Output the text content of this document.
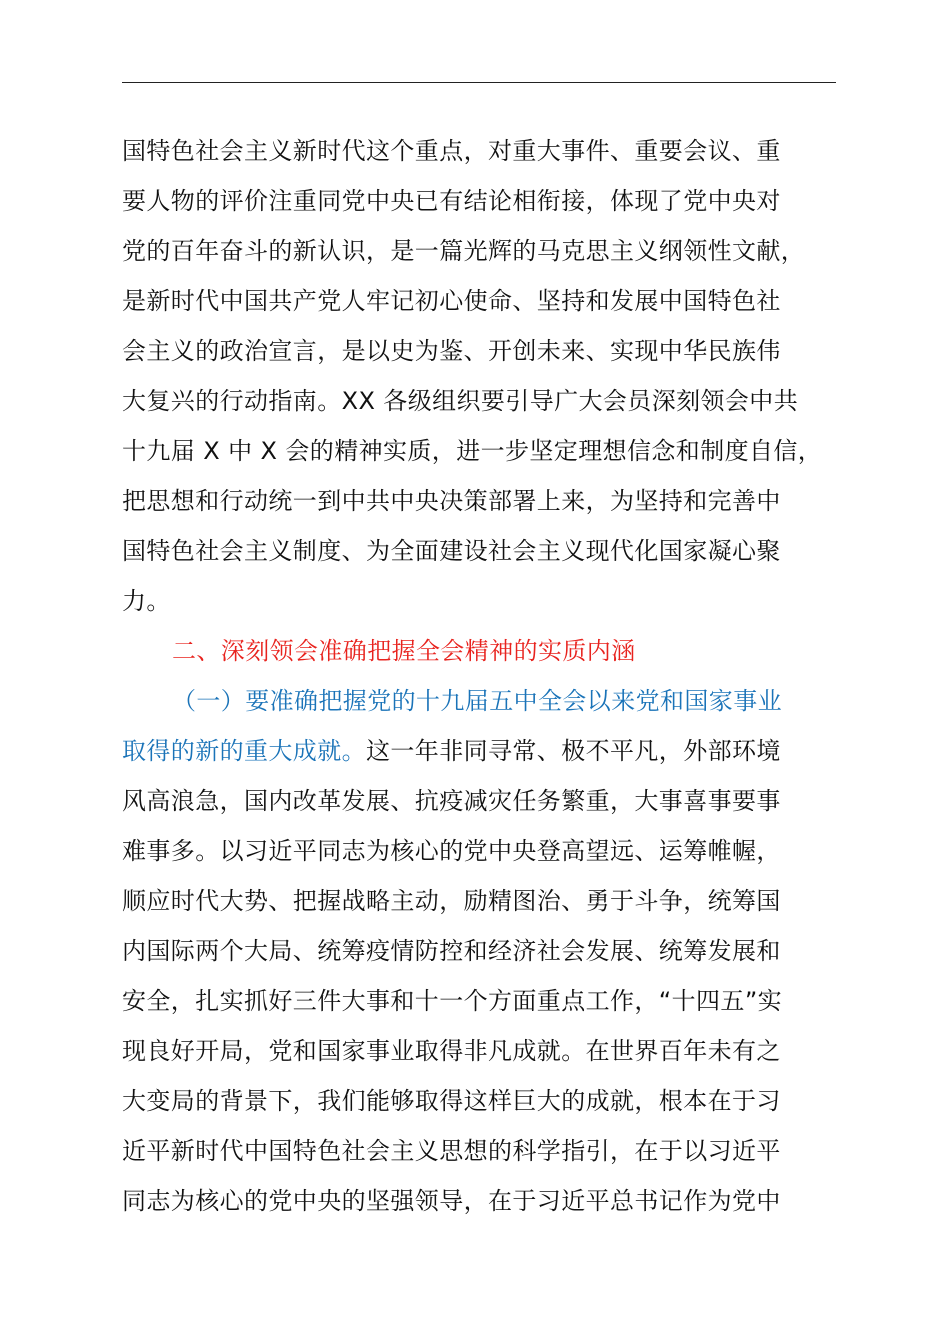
国特色社会主义新时代这个重点，对重大事件、重要会议、重
要人物的评价注重同党中央已有结论相衔接，体现了党中央对
党的百年奋斗的新认识，是一篇光辉的马克思主义纲领性文献，
是新时代中国共产党人牢记初心使命、坚持和发展中国特色社
会主义的政治宣言，是以史为鉴、开创未来、实现中华民族伟
大复兴的行动指南。XX 各级组织要引导广大会员深刻领会中共
十九届 X 中 X 会的精神实质，进一步坚定理想信念和制度自信，
把思想和行动统一到中共中央决策部署上来，为坚持和完善中
国特色社会主义制度、为全面建设社会主义现代化国家凝心聚
力。
二、深刻领会准确把握全会精神的实质内涵
（一）要准确把握党的十九届五中全会以来党和国家事业
取得的新的重大成就。这一年非同寻常、极不平凡，外部环境
风高浪急，国内改革发展、抗疫减灾任务繁重，大事喜事要事
难事多。以习近平同志为核心的党中央登高望远、运筹帷幄，
顺应时代大势、把握战略主动，励精图治、勇于斗争，统筹国
内国际两个大局、统筹疫情防控和经济社会发展、统筹发展和
安全，扎实抓好三件大事和十一个方面重点工作，“十四五”实
现良好开局，党和国家事业取得非凡成就。在世界百年未有之
大变局的背景下，我们能够取得这样巨大的成就，根本在于习
近平新时代中国特色社会主义思想的科学指引，在于以习近平
同志为核心的党中央的坚强领导，在于习近平总书记作为党中
